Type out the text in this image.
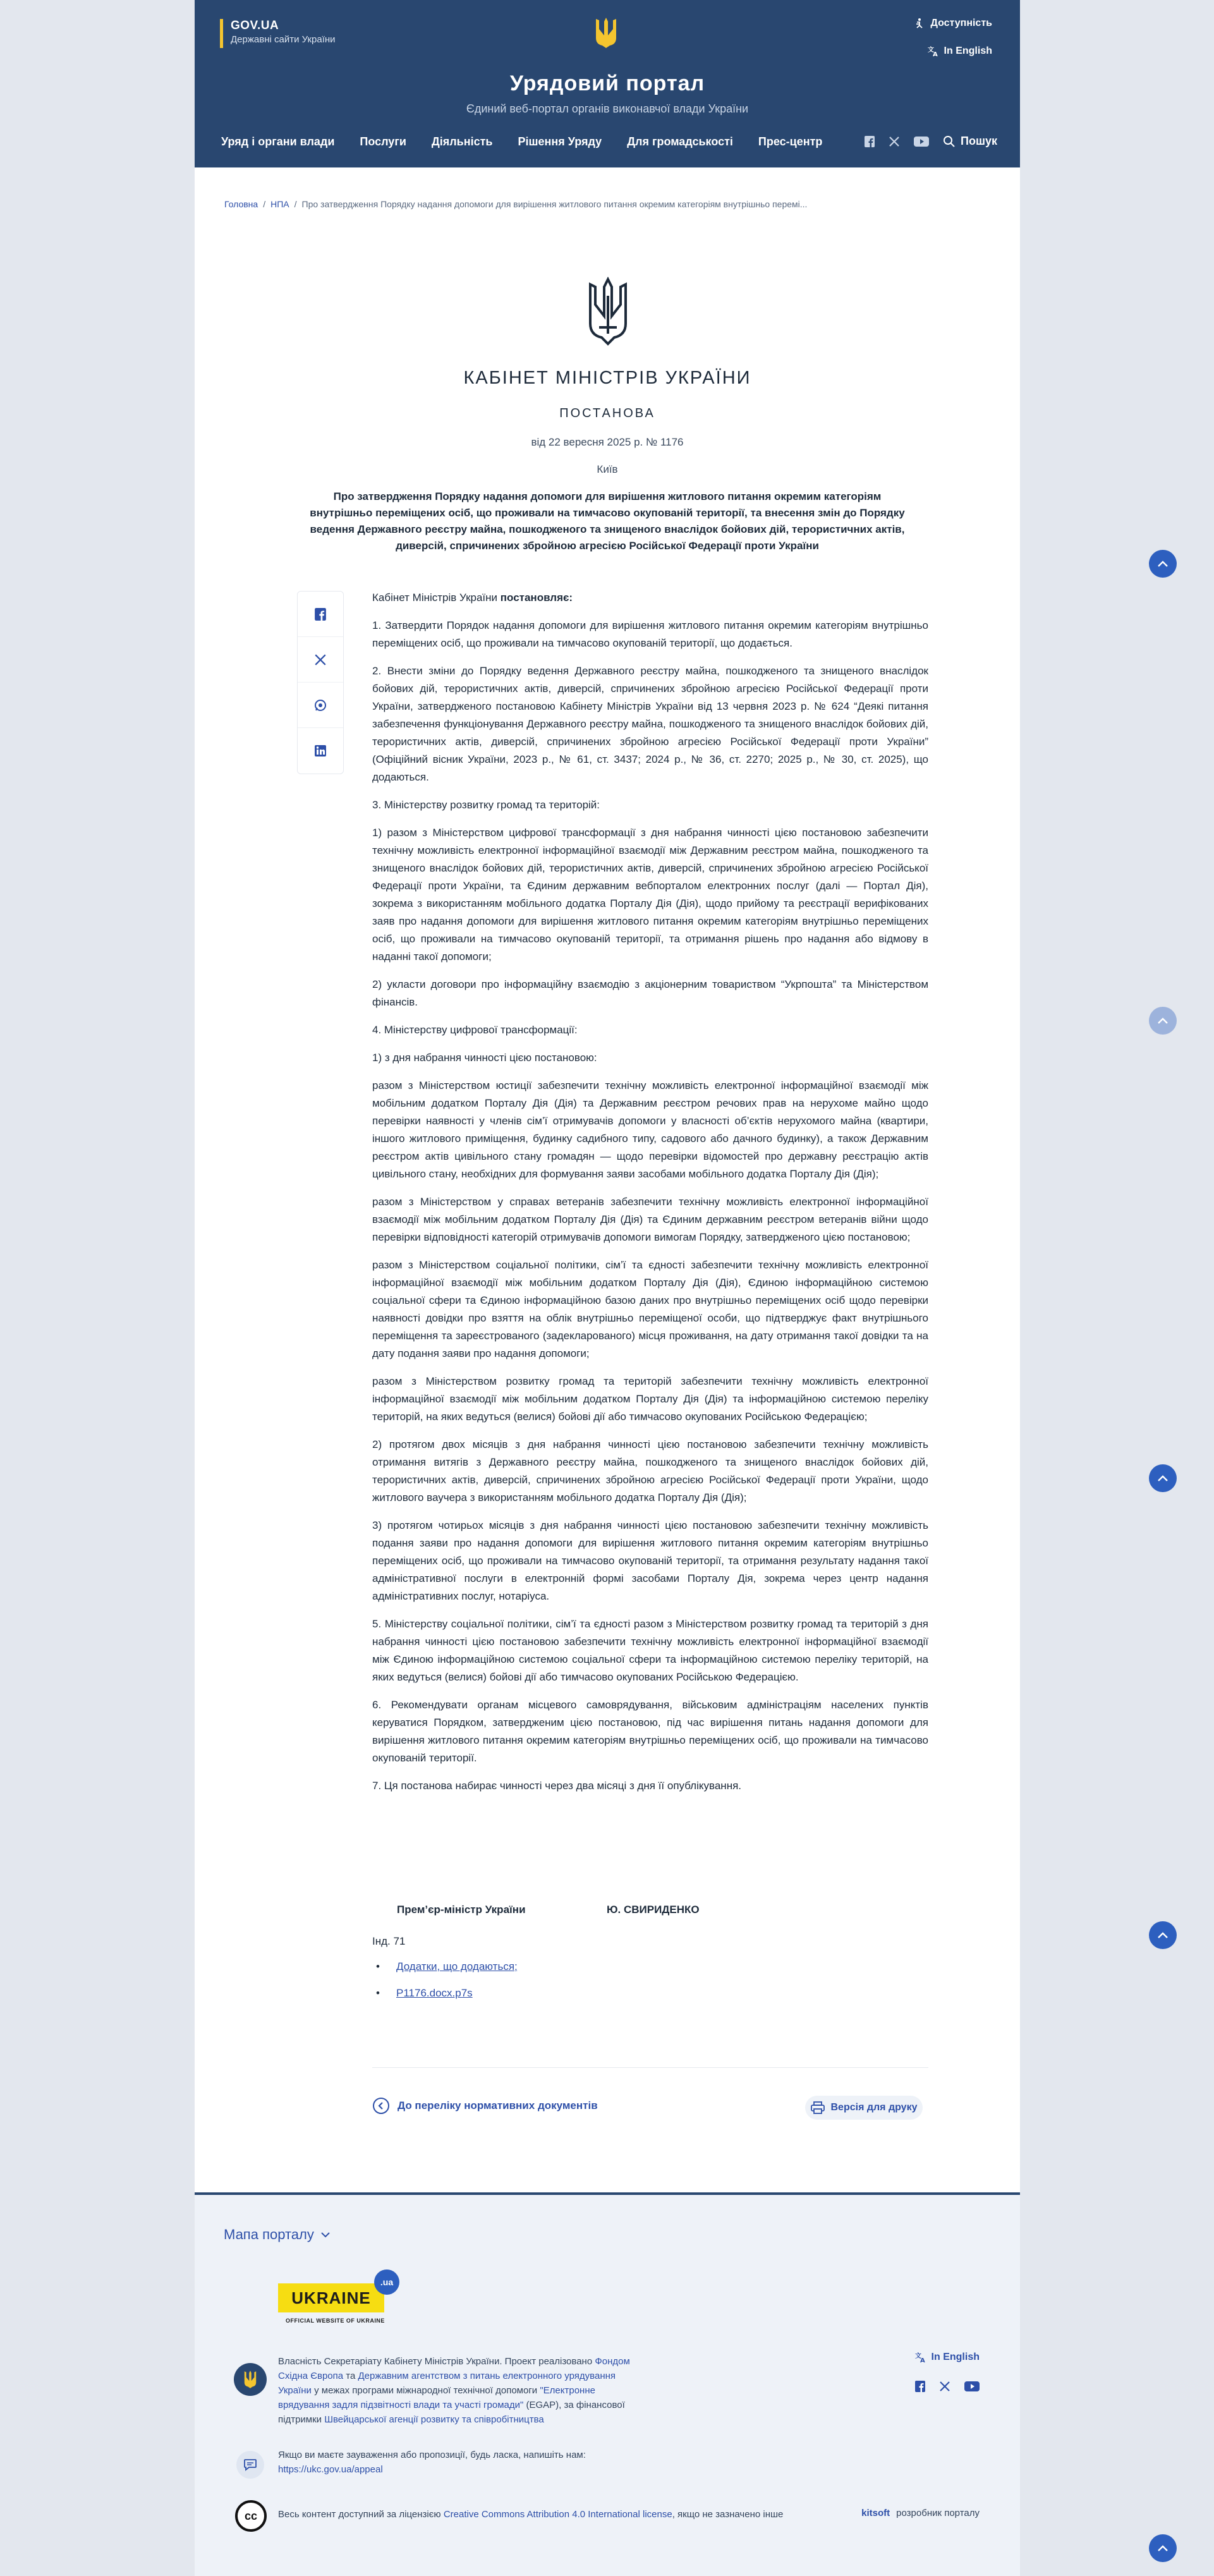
GOV.UA
Державні сайти України
Доступність
文
A In English
Урядовий портал
Єдиний веб-портал органів виконавчої влади України
Уряд і органи влади Послуги Діяльність Рішення Уряду Для громадськості Прес-центр	Пошук
Головна / НПА / Про затвердження Порядку надання допомоги для вирішення житлового питання окремим категоріям внутрішньо перемі...
КАБІНЕТ МІНІСТРІВ УКРАЇНИ
ПОСТАНОВА
від 22 вересня 2025 р. № 1176
Київ
Про затвердження Порядку надання допомоги для вирішення житлового питання окремим категоріям внутрішньо переміщених осіб, що проживали на тимчасово окупованій території, та внесення змін до Порядку ведення Державного реєстру майна, пошкодженого та знищеного внаслідок бойових дій, терористичних актів, диверсій, спричинених збройною агресією Російської Федерації проти України

Кабінет Міністрів України постановляє:

1. Затвердити Порядок надання допомоги для вирішення житлового питання окремим категоріям внутрішньо переміщених осіб, що проживали на тимчасово окупованій території, що додається.

2. Внести зміни до Порядку ведення Державного реєстру майна, пошкодженого та знищеного внаслідок бойових дій, терористичних актів, диверсій, спричинених збройною агресією Російської Федерації проти України, затвердженого постановою Кабінету Міністрів України від 13 червня 2023 р. № 624 “Деякі питання забезпечення функціонування Державного реєстру майна, пошкодженого та знищеного внаслідок бойових дій, терористичних актів, диверсій, спричинених збройною агресією Російської Федерації проти України” (Офіційний вісник України, 2023 р., № 61, ст. 3437; 2024 р., № 36, ст. 2270; 2025 р., № 30, ст. 2025), що додаються.

3. Міністерству розвитку громад та територій:

1) разом з Міністерством цифрової трансформації з дня набрання чинності цією постановою забезпечити технічну можливість електронної інформаційної взаємодії між Державним реєстром майна, пошкодженого та знищеного внаслідок бойових дій, терористичних актів, диверсій, спричинених збройною агресією Російської Федерації проти України, та Єдиним державним вебпорталом електронних послуг (далі — Портал Дія), зокрема з використанням мобільного додатка Порталу Дія (Дія), щодо прийому та реєстрації верифікованих заяв про надання допомоги для вирішення житлового питання окремим категоріям внутрішньо переміщених осіб, що проживали на тимчасово окупованій території, та отримання рішень про надання або відмову в наданні такої допомоги;

2) укласти договори про інформаційну взаємодію з акціонерним товариством “Укрпошта” та Міністерством фінансів.

4. Міністерству цифрової трансформації:

1) з дня набрання чинності цією постановою:

разом з Міністерством юстиції забезпечити технічну можливість електронної інформаційної взаємодії між мобільним додатком Порталу Дія (Дія) та Державним реєстром речових прав на нерухоме майно щодо перевірки наявності у членів сім’ї отримувачів допомоги у власності об’єктів нерухомого майна (квартири, іншого житлового приміщення, будинку садибного типу, садового або дачного будинку), а також Державним реєстром актів цивільного стану громадян — щодо перевірки відомостей про державну реєстрацію актів цивільного стану, необхідних для формування заяви засобами мобільного додатка Порталу Дія (Дія);

разом з Міністерством у справах ветеранів забезпечити технічну можливість електронної інформаційної взаємодії між мобільним додатком Порталу Дія (Дія) та Єдиним державним реєстром ветеранів війни щодо перевірки відповідності категорій отримувачів допомоги вимогам Порядку, затвердженого цією постановою;

разом з Міністерством соціальної політики, сім’ї та єдності забезпечити технічну можливість електронної інформаційної взаємодії між мобільним додатком Порталу Дія (Дія), Єдиною інформаційною системою соціальної сфери та Єдиною інформаційною базою даних про внутрішньо переміщених осіб щодо перевірки наявності довідки про взяття на облік внутрішньо переміщеної особи, що підтверджує факт внутрішнього переміщення та зареєстрованого (задекларованого) місця проживання, на дату отримання такої довідки та на дату подання заяви про надання допомоги;

разом з Міністерством розвитку громад та територій забезпечити технічну можливість електронної інформаційної взаємодії між мобільним додатком Порталу Дія (Дія) та інформаційною системою переліку територій, на яких ведуться (велися) бойові дії або тимчасово окупованих Російською Федерацією;

2) протягом двох місяців з дня набрання чинності цією постановою забезпечити технічну можливість отримання витягів з Державного реєстру майна, пошкодженого та знищеного внаслідок бойових дій, терористичних актів, диверсій, спричинених збройною агресією Російської Федерації проти України, щодо житлового ваучера з використанням мобільного додатка Порталу Дія (Дія);

3) протягом чотирьох місяців з дня набрання чинності цією постановою забезпечити технічну можливість подання заяви про надання допомоги для вирішення житлового питання окремим категоріям внутрішньо переміщених осіб, що проживали на тимчасово окупованій території, та отримання результату надання такої адміністративної послуги в електронній формі засобами Порталу Дія, зокрема через центр надання адміністративних послуг, нотаріуса.

5. Міністерству соціальної політики, сім’ї та єдності разом з Міністерством розвитку громад та територій з дня набрання чинності цією постановою забезпечити технічну можливість електронної інформаційної взаємодії між Єдиною інформаційною системою соціальної сфери та інформаційною системою переліку територій, на яких ведуться (велися) бойові дії або тимчасово окупованих Російською Федерацією.

6. Рекомендувати органам місцевого самоврядування, військовим адміністраціям населених пунктів керуватися Порядком, затвердженим цією постановою, під час вирішення питань надання допомоги для вирішення житлового питання окремим категоріям внутрішньо переміщених осіб, що проживали на тимчасово окупованій території.

7. Ця постанова набирає чинності через два місяці з дня її опублікування.

Прем’єр-міністр України	Ю. СВИРИДЕНКО
Інд. 71
• Додатки, що додаються;
• P1176.docx.p7s
До переліку нормативних документів	Версія для друку
Мапа порталу
UKRAINE
.ua
OFFICIAL WEBSITE OF UKRAINE
Власність Секретаріату Кабінету Міністрів України. Проект реалізовано Фондом Східна Європа та Державним агентством з питань електронного урядування України у межах програми міжнародної технічної допомоги "Електронне врядування задля підзвітності влади та участі громади" (EGAP), за фінансової підтримки Швейцарської агенції розвитку та співробітництва
文
A In English
Якщо ви маєте зауваження або пропозиції, будь ласка, напишіть нам:
https://ukc.gov.ua/appeal
cc	Весь контент доступний за ліцензією Creative Commons Attribution 4.0 International license, якщо не зазначено інше	kitsoft розробник порталу
